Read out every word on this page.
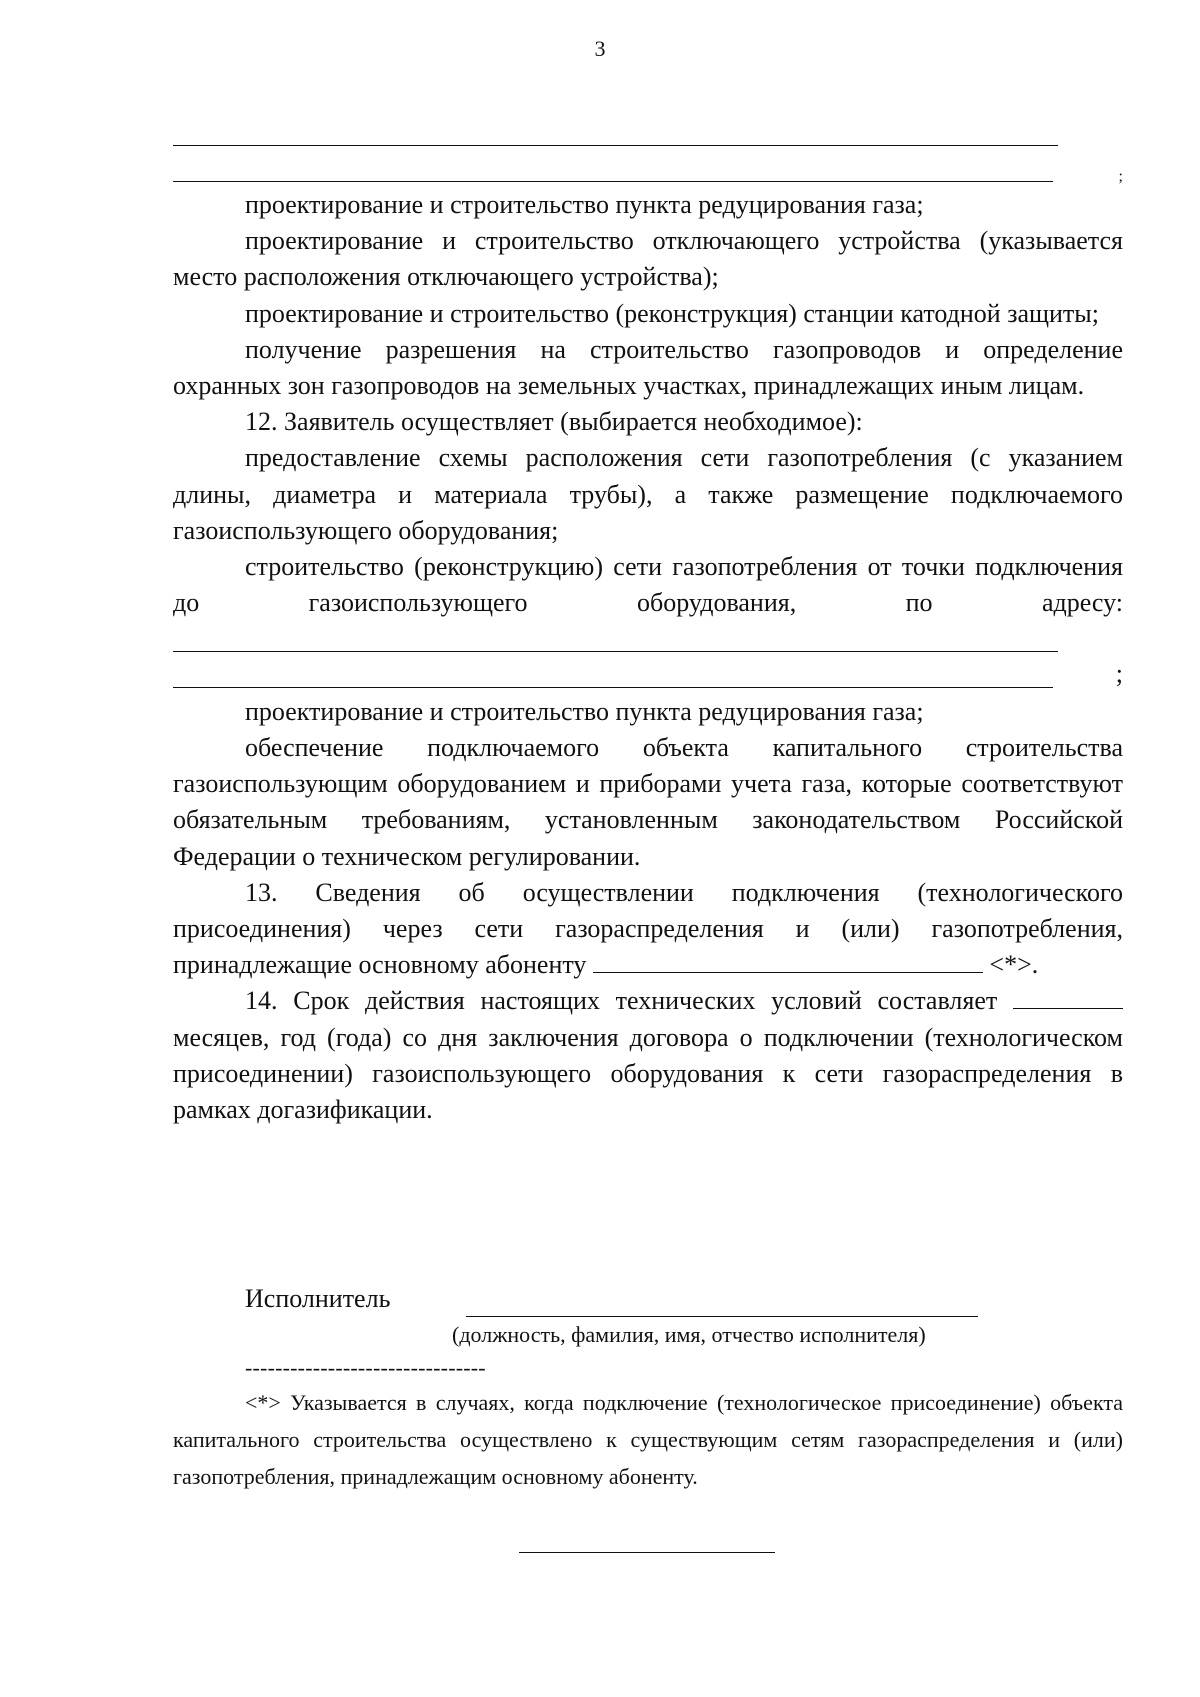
3
;

проектирование и строительство пункта редуцирования газа;

проектирование и строительство отключающего устройства (указывается место расположения отключающего устройства);

проектирование и строительство (реконструкция) станции катодной защиты;

получение разрешения на строительство газопроводов и определение охранных зон газопроводов на земельных участках, принадлежащих иным лицам.

12. Заявитель осуществляет (выбирается необходимое):

предоставление схемы расположения сети газопотребления (с указанием длины, диаметра и материала трубы), а также размещение подключаемого газоиспользующего оборудования;

строительство (реконструкцию) сети газопотребления от точки подключения до газоиспользующего оборудования, по адресу:

;

проектирование и строительство пункта редуцирования газа;

обеспечение подключаемого объекта капитального строительства газоиспользующим оборудованием и приборами учета газа, которые соответствуют обязательным требованиям, установленным законодательством Российской Федерации о техническом регулировании.

13. Сведения об осуществлении подключения (технологического присоединения) через сети газораспределения и (или) газопотребления, принадлежащие основному абоненту	<*>.

14. Срок действия настоящих технических условий составляет

месяцев, год (года) со дня заключения договора о подключении (технологическом присоединении) газоиспользующего оборудования к сети газораспределения в рамках догазификации.

Исполнитель
(должность, фамилия, имя, отчество исполнителя)
--------------------------------

<*> Указывается в случаях, когда подключение (технологическое присоединение) объекта капитального строительства осуществлено к существующим сетям газораспределения и (или) газопотребления, принадлежащим основному абоненту.
